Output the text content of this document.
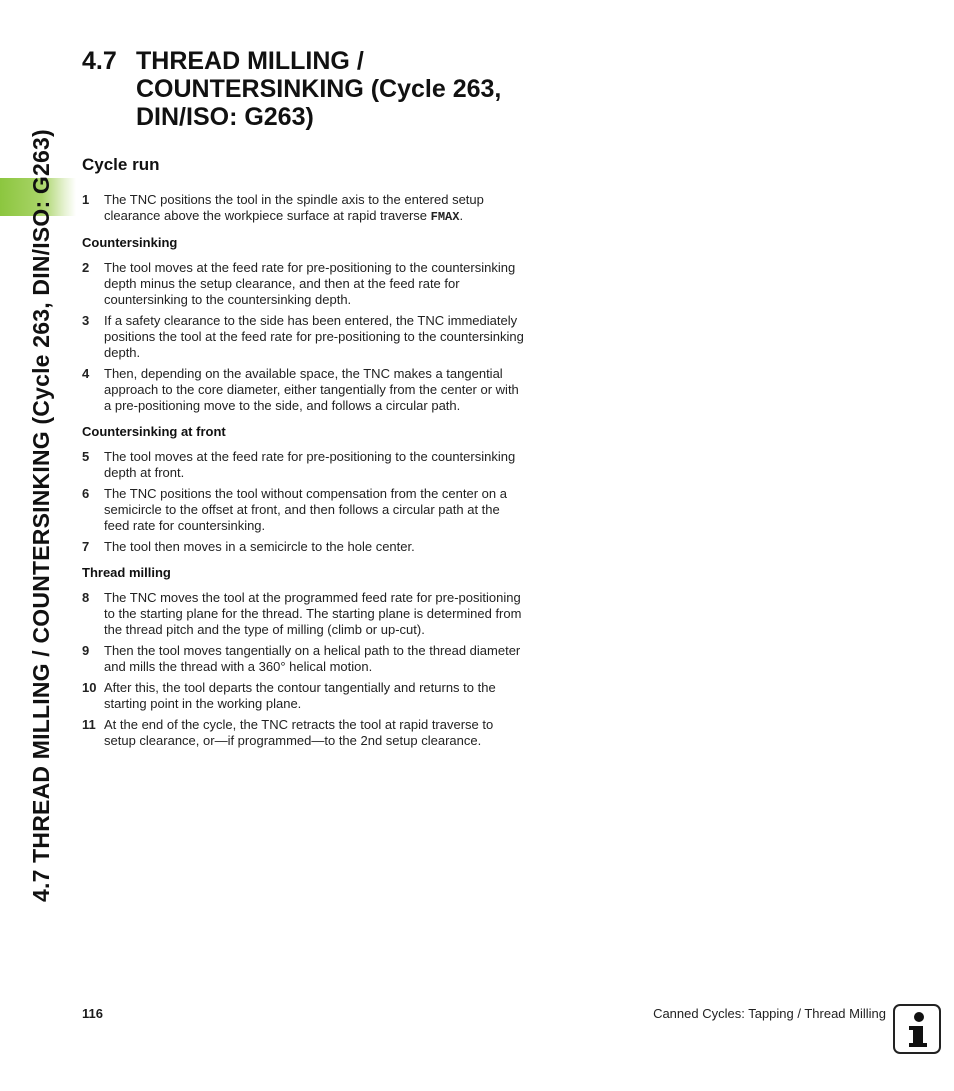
4.7 THREAD MILLING / COUNTERSINKING (Cycle 263, DIN/ISO: G263)
4.7 THREAD MILLING / COUNTERSINKING (Cycle 263, DIN/ISO: G263)
Cycle run
1	The TNC positions the tool in the spindle axis to the entered setup clearance above the workpiece surface at rapid traverse FMAX.
Countersinking
2	The tool moves at the feed rate for pre-positioning to the countersinking depth minus the setup clearance, and then at the feed rate for countersinking to the countersinking depth.
3	If a safety clearance to the side has been entered, the TNC immediately positions the tool at the feed rate for pre-positioning to the countersinking depth.
4	Then, depending on the available space, the TNC makes a tangential approach to the core diameter, either tangentially from the center or with a pre-positioning move to the side, and follows a circular path.
Countersinking at front
5	The tool moves at the feed rate for pre-positioning to the countersinking depth at front.
6	The TNC positions the tool without compensation from the center on a semicircle to the offset at front, and then follows a circular path at the feed rate for countersinking.
7	The tool then moves in a semicircle to the hole center.
Thread milling
8	The TNC moves the tool at the programmed feed rate for pre-positioning to the starting plane for the thread. The starting plane is determined from the thread pitch and the type of milling (climb or up-cut).
9	Then the tool moves tangentially on a helical path to the thread diameter and mills the thread with a 360° helical motion.
10 After this, the tool departs the contour tangentially and returns to the starting point in the working plane.
11 At the end of the cycle, the TNC retracts the tool at rapid traverse to setup clearance, or—if programmed—to the 2nd setup clearance.
116	Canned Cycles: Tapping / Thread Milling
